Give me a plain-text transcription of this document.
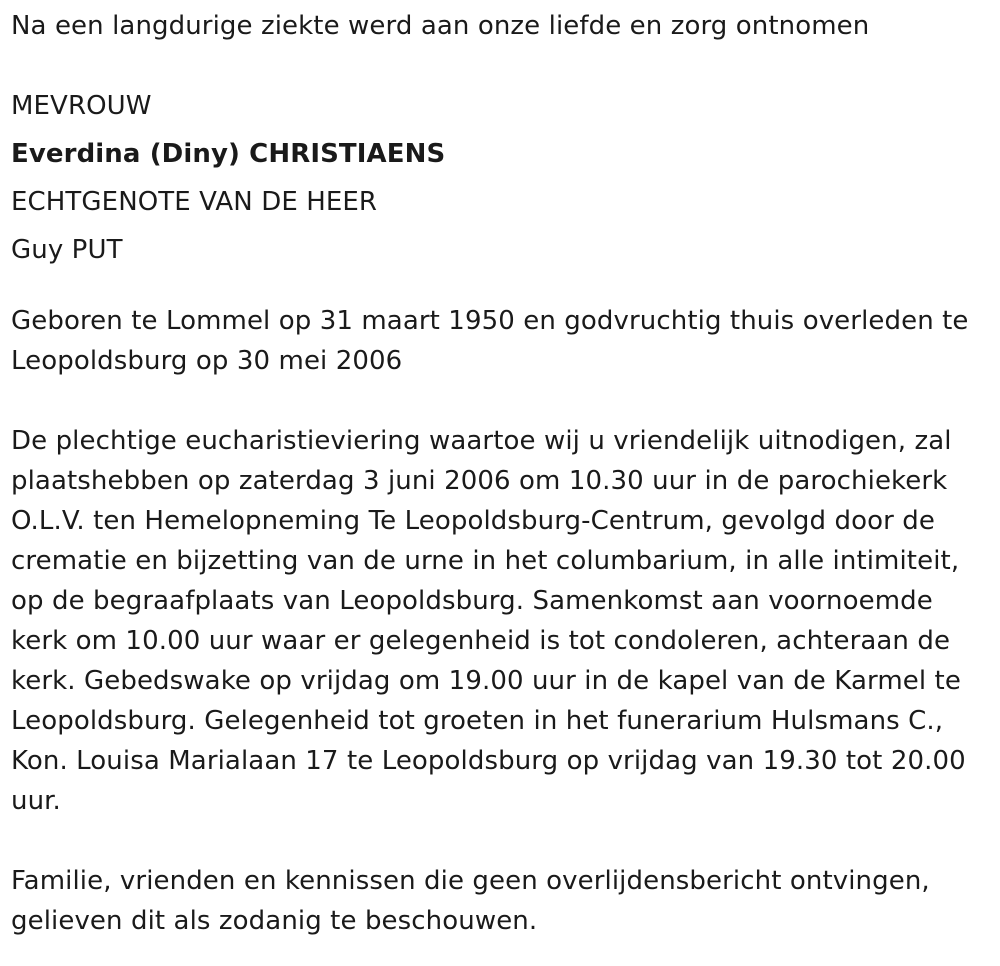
Na een langdurige ziekte werd aan onze liefde en zorg ontnomen

MEVROUW

Everdina (Diny) CHRISTIAENS

ECHTGENOTE VAN DE HEER

Guy PUT

Geboren te Lommel op 31 maart 1950 en godvruchtig thuis overleden te Leopoldsburg op 30 mei 2006

De plechtige eucharistieviering waartoe wij u vriendelijk uitnodigen, zal plaatshebben op zaterdag 3 juni 2006 om 10.30 uur in de parochiekerk O.L.V. ten Hemelopneming Te Leopoldsburg-Centrum, gevolgd door de crematie en bijzetting van de urne in het columbarium, in alle intimiteit, op de begraafplaats van Leopoldsburg. Samenkomst aan voornoemde kerk om 10.00 uur waar er gelegenheid is tot condoleren, achteraan de kerk. Gebedswake op vrijdag om 19.00 uur in de kapel van de Karmel te Leopoldsburg. Gelegenheid tot groeten in het funerarium Hulsmans C., Kon. Louisa Marialaan 17 te Leopoldsburg op vrijdag van 19.30 tot 20.00 uur.

Familie, vrienden en kennissen die geen overlijdensbericht ontvingen, gelieven dit als zodanig te beschouwen.
